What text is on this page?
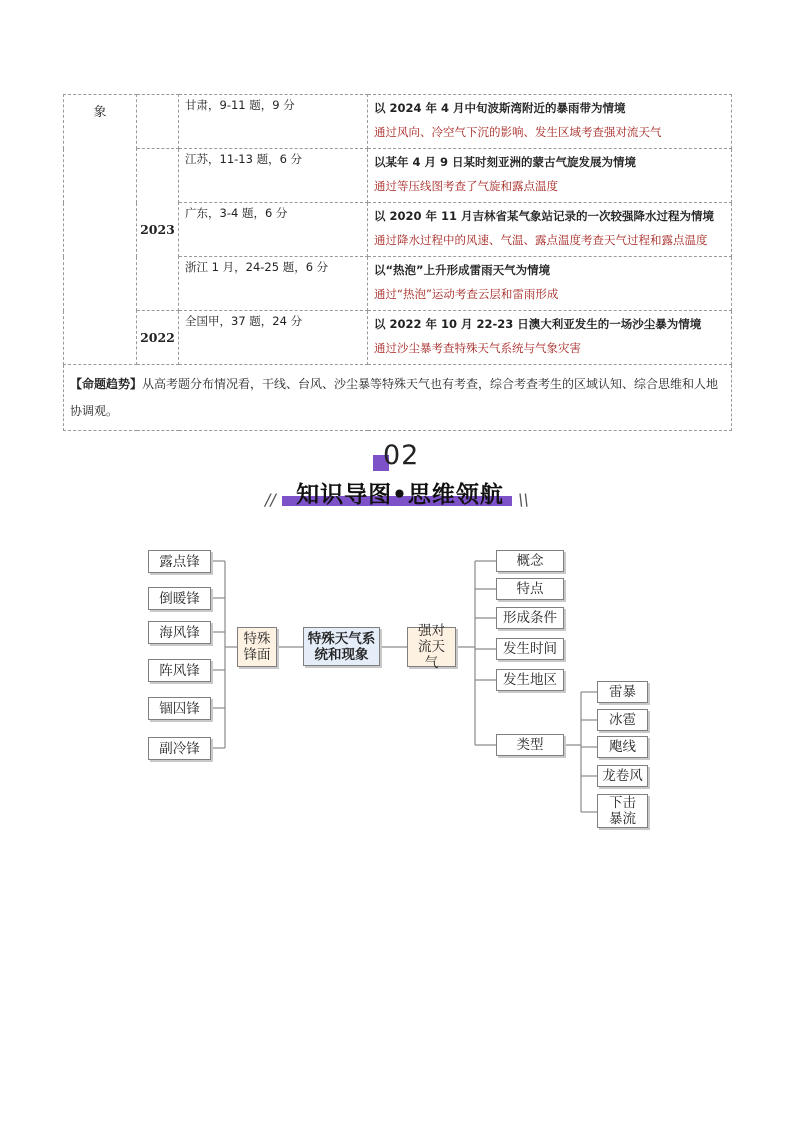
象		甘肃，9-11 题，9 分	以 2024 年 4 月中旬波斯湾附近的暴雨带为情境
通过风向、冷空气下沉的影响、发生区域考查强对流天气

	2023	江苏，11-13 题，6 分	以某年 4 月 9 日某时刻亚洲的蒙古气旋发展为情境
通过等压线图考查了气旋和露点温度

		广东，3-4 题，6 分	以 2020 年 11 月吉林省某气象站记录的一次较强降水过程为情境
通过降水过程中的风速、气温、露点温度考查天气过程和露点温度

		浙江 1 月，24-25 题，6 分	以“热泡”上升形成雷雨天气为情境
通过“热泡”运动考查云层和雷雨形成

	2022	全国甲，37 题，24 分	以 2022 年 10 月 22-23 日澳大利亚发生的一场沙尘暴为情境
通过沙尘暴考查特殊天气系统与气象灾害

【命题趋势】从高考题分布情况看，干线、台风、沙尘暴等特殊天气也有考查，综合考查考生的区域认知、综合思维和人地协调观。			
02
知识导图•思维领航
//	\\
露点锋
倒暖锋
海风锋
阵风锋
锢囚锋
副冷锋
特殊锋面
特殊天气系统和现象
强对流天气
概念
特点
形成条件
发生时间
发生地区
类型
雷暴
冰雹
飑线
龙卷风
下击暴流
